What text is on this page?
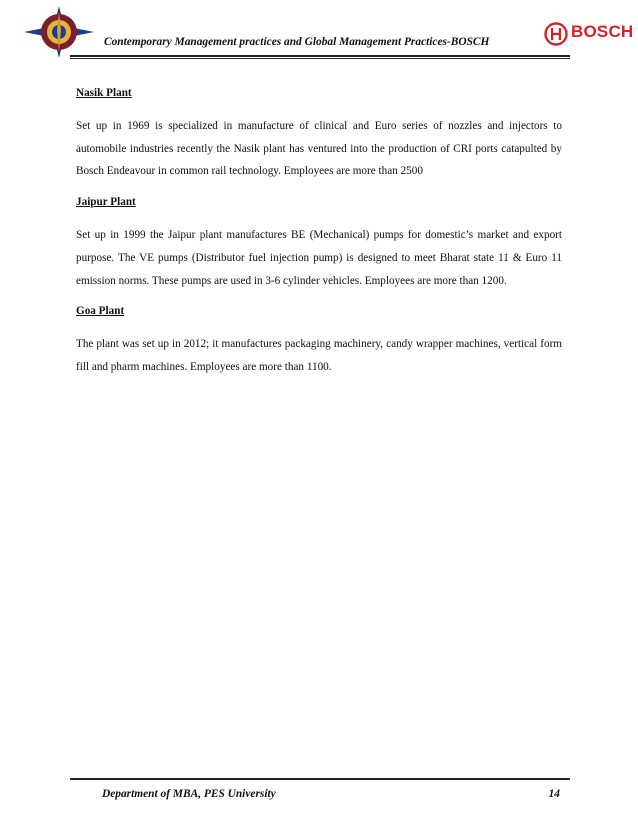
Contemporary Management practices and Global Management Practices-BOSCH
BOSCH
Nasik Plant
Set up in 1969 is specialized in manufacture of clinical and Euro series of nozzles and injectors to automobile industries recently the Nasik plant has ventured into the production of CRI ports catapulted by Bosch Endeavour in common rail technology. Employees are more than 2500
Jaipur Plant
Set up in 1999 the Jaipur plant manufactures BE (Mechanical) pumps for domestic’s market and export purpose. The VE pumps (Distributor fuel injection pump) is designed to meet Bharat state 11 & Euro 11 emission norms. These pumps are used in 3-6 cylinder vehicles. Employees are more than 1200.
Goa Plant
The plant was set up in 2012; it manufactures packaging machinery, candy wrapper machines, vertical form fill and pharm machines. Employees are more than 1100.
Department of MBA, PES University	14
